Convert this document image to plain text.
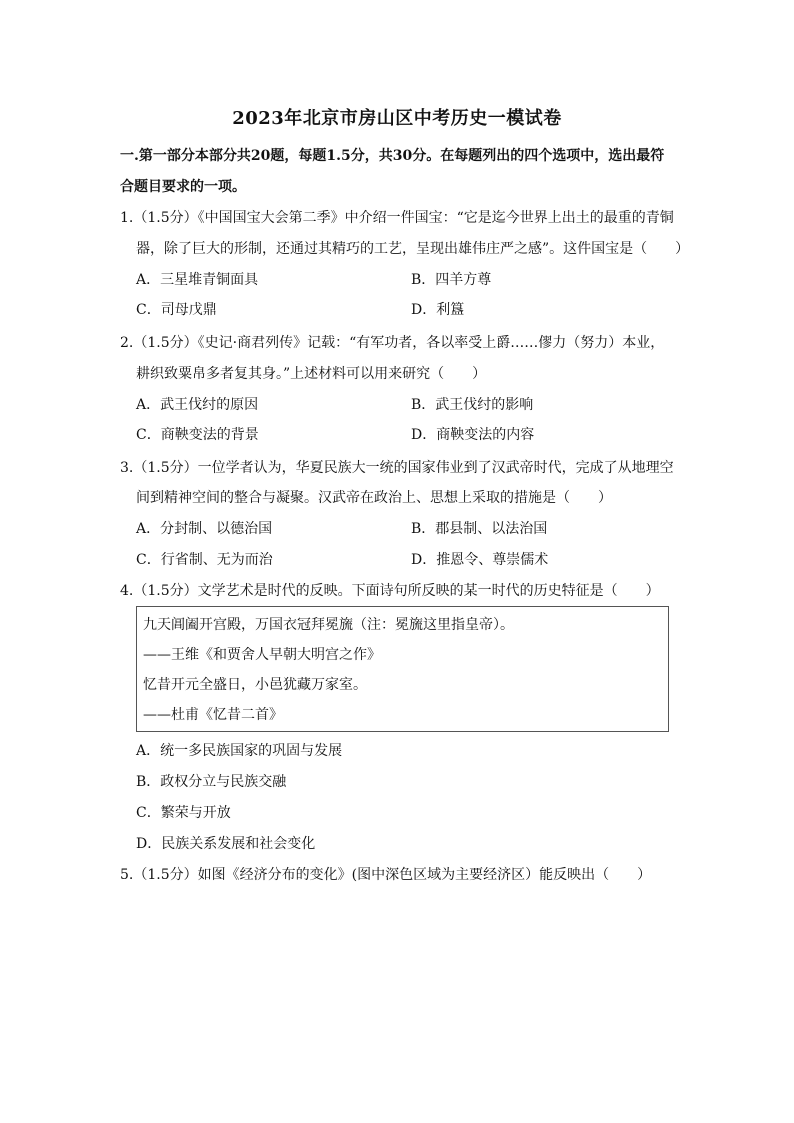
2023年北京市房山区中考历史一模试卷
一.第一部分本部分共20题，每题1.5分，共30分。在每题列出的四个选项中，选出最符
合题目要求的一项。
1.（1.5分）《中国国宝大会第二季》中介绍一件国宝：“它是迄今世界上出土的最重的青铜
器，除了巨大的形制，还通过其精巧的工艺，呈现出雄伟庄严之感”。这件国宝是（　　）
A．三星堆青铜面具	B．四羊方尊
C．司母戊鼎	D．利簋
2.（1.5分）《史记·商君列传》记载：“有军功者，各以率受上爵……僇力（努力）本业，
耕织致粟帛多者复其身。”上述材料可以用来研究（　　）
A．武王伐纣的原因	B．武王伐纣的影响
C．商鞅变法的背景	D．商鞅变法的内容
3.（1.5分）一位学者认为，华夏民族大一统的国家伟业到了汉武帝时代，完成了从地理空
间到精神空间的整合与凝聚。汉武帝在政治上、思想上采取的措施是（　　）
A．分封制、以德治国	B．郡县制、以法治国
C．行省制、无为而治	D．推恩令、尊崇儒术
4.（1.5分）文学艺术是时代的反映。下面诗句所反映的某一时代的历史特征是（　　）
九天阊阖开宫殿，万国衣冠拜冕旒（注：冕旒这里指皇帝）。
——王维《和贾舍人早朝大明宫之作》
忆昔开元全盛日，小邑犹藏万家室。
——杜甫《忆昔二首》
A．统一多民族国家的巩固与发展
B．政权分立与民族交融
C．繁荣与开放
D．民族关系发展和社会变化
5.（1.5分）如图《经济分布的变化》(图中深色区域为主要经济区）能反映出（　　）
